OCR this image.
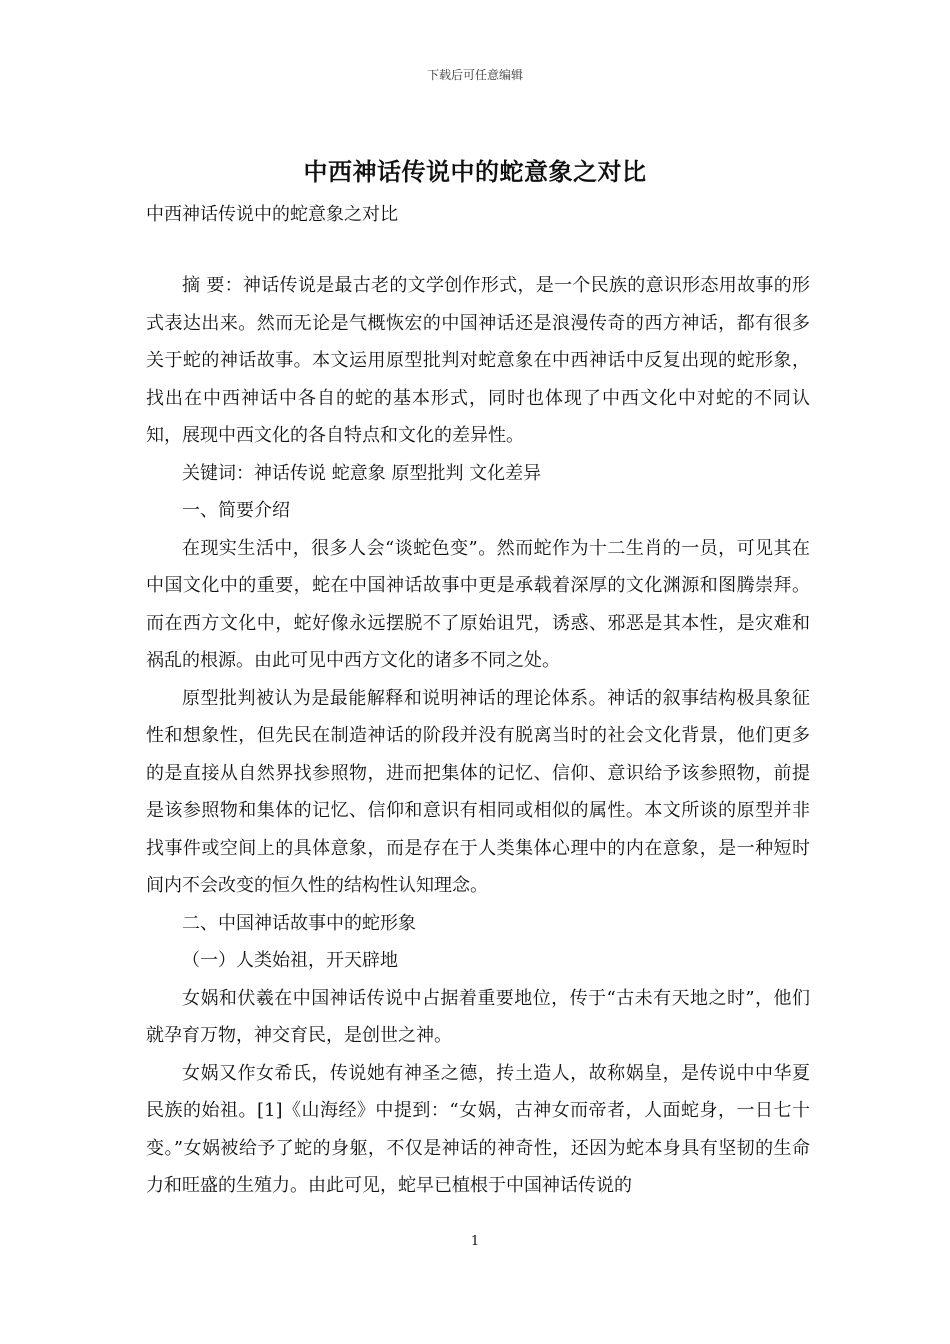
下载后可任意编辑
中西神话传说中的蛇意象之对比
中西神话传说中的蛇意象之对比

摘 要：神话传说是最古老的文学创作形式，是一个民族的意识形态用故事的形式表达出来。然而无论是气概恢宏的中国神话还是浪漫传奇的西方神话，都有很多关于蛇的神话故事。本文运用原型批判对蛇意象在中西神话中反复出现的蛇形象，找出在中西神话中各自的蛇的基本形式，同时也体现了中西文化中对蛇的不同认知，展现中西文化的各自特点和文化的差异性。

关键词：神话传说 蛇意象 原型批判 文化差异

一、简要介绍

在现实生活中，很多人会“谈蛇色变”。然而蛇作为十二生肖的一员，可见其在中国文化中的重要，蛇在中国神话故事中更是承载着深厚的文化渊源和图腾崇拜。而在西方文化中，蛇好像永远摆脱不了原始诅咒，诱惑、邪恶是其本性，是灾难和祸乱的根源。由此可见中西方文化的诸多不同之处。

原型批判被认为是最能解释和说明神话的理论体系。神话的叙事结构极具象征性和想象性，但先民在制造神话的阶段并没有脱离当时的社会文化背景，他们更多的是直接从自然界找参照物，进而把集体的记忆、信仰、意识给予该参照物，前提是该参照物和集体的记忆、信仰和意识有相同或相似的属性。本文所谈的原型并非找事件或空间上的具体意象，而是存在于人类集体心理中的内在意象，是一种短时间内不会改变的恒久性的结构性认知理念。

二、中国神话故事中的蛇形象

（一）人类始祖，开天辟地

女娲和伏羲在中国神话传说中占据着重要地位，传于“古未有天地之时”，他们就孕育万物，神交育民，是创世之神。

女娲又作女希氏，传说她有神圣之德，抟土造人，故称娲皇，是传说中中华夏民族的始祖。[1]《山海经》中提到：“女娲，古神女而帝者，人面蛇身，一日七十变。”女娲被给予了蛇的身躯，不仅是神话的神奇性，还因为蛇本身具有坚韧的生命力和旺盛的生殖力。由此可见，蛇早已植根于中国神话传说的

1
